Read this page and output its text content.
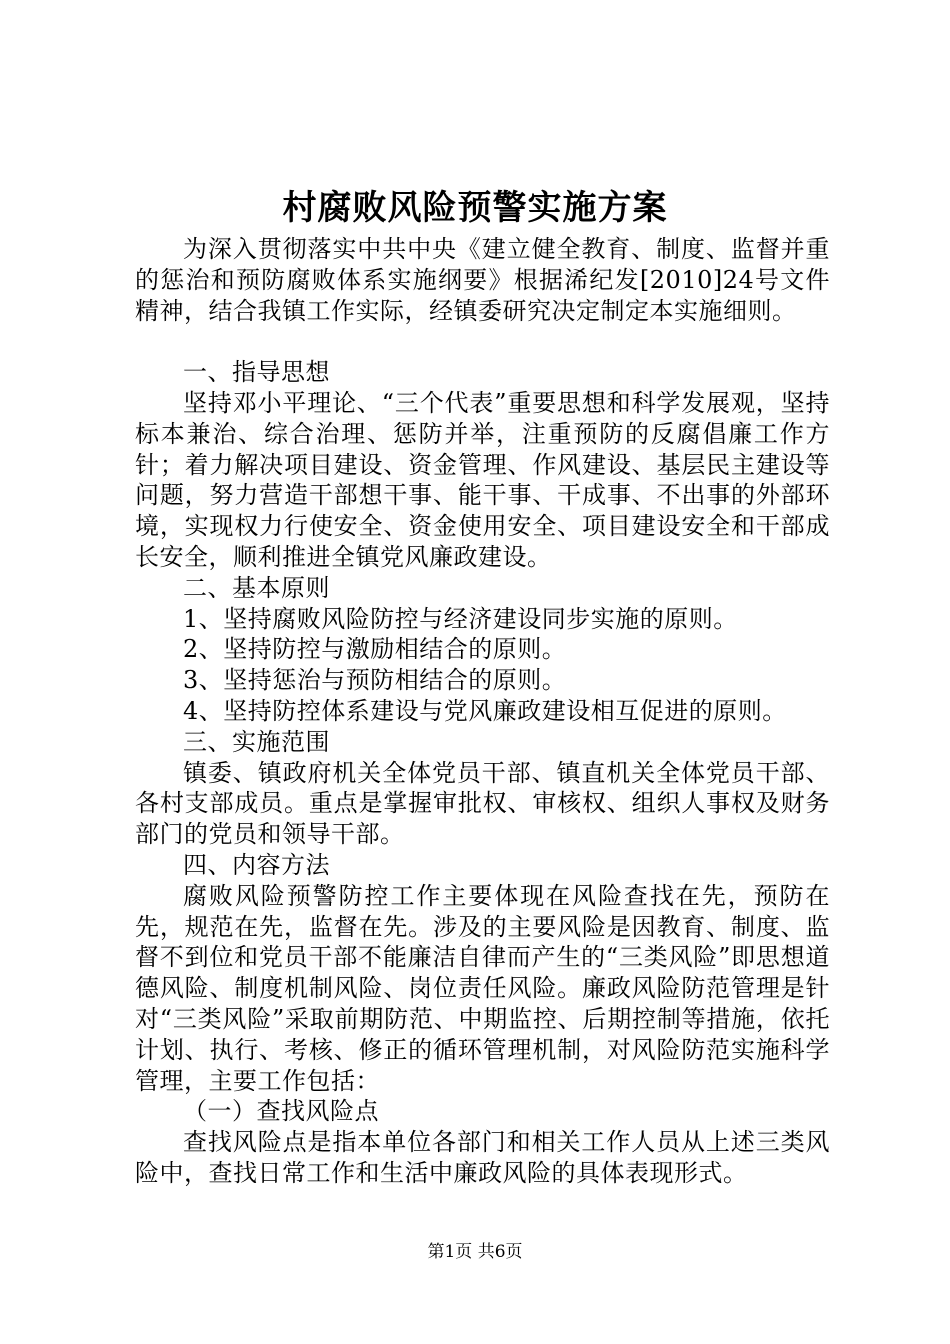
村腐败风险预警实施方案

为深入贯彻落实中共中央《建立健全教育、制度、监督并重的惩治和预防腐败体系实施纲要》根据浠纪发[2010]24号文件精神，结合我镇工作实际，经镇委研究决定制定本实施细则。

一、指导思想

坚持邓小平理论、“三个代表”重要思想和科学发展观，坚持标本兼治、综合治理、惩防并举，注重预防的反腐倡廉工作方针；着力解决项目建设、资金管理、作风建设、基层民主建设等问题，努力营造干部想干事、能干事、干成事、不出事的外部环境，实现权力行使安全、资金使用安全、项目建设安全和干部成长安全，顺利推进全镇党风廉政建设。

二、基本原则

1、坚持腐败风险防控与经济建设同步实施的原则。

2、坚持防控与激励相结合的原则。

3、坚持惩治与预防相结合的原则。

4、坚持防控体系建设与党风廉政建设相互促进的原则。

三、实施范围

镇委、镇政府机关全体党员干部、镇直机关全体党员干部、各村支部成员。重点是掌握审批权、审核权、组织人事权及财务部门的党员和领导干部。

四、内容方法

腐败风险预警防控工作主要体现在风险查找在先，预防在先，规范在先，监督在先。涉及的主要风险是因教育、制度、监督不到位和党员干部不能廉洁自律而产生的“三类风险”即思想道德风险、制度机制风险、岗位责任风险。廉政风险防范管理是针对“三类风险”采取前期防范、中期监控、后期控制等措施，依托计划、执行、考核、修正的循环管理机制，对风险防范实施科学管理，主要工作包括：

（一）查找风险点

查找风险点是指本单位各部门和相关工作人员从上述三类风险中，查找日常工作和生活中廉政风险的具体表现形式。

第1页 共6页
